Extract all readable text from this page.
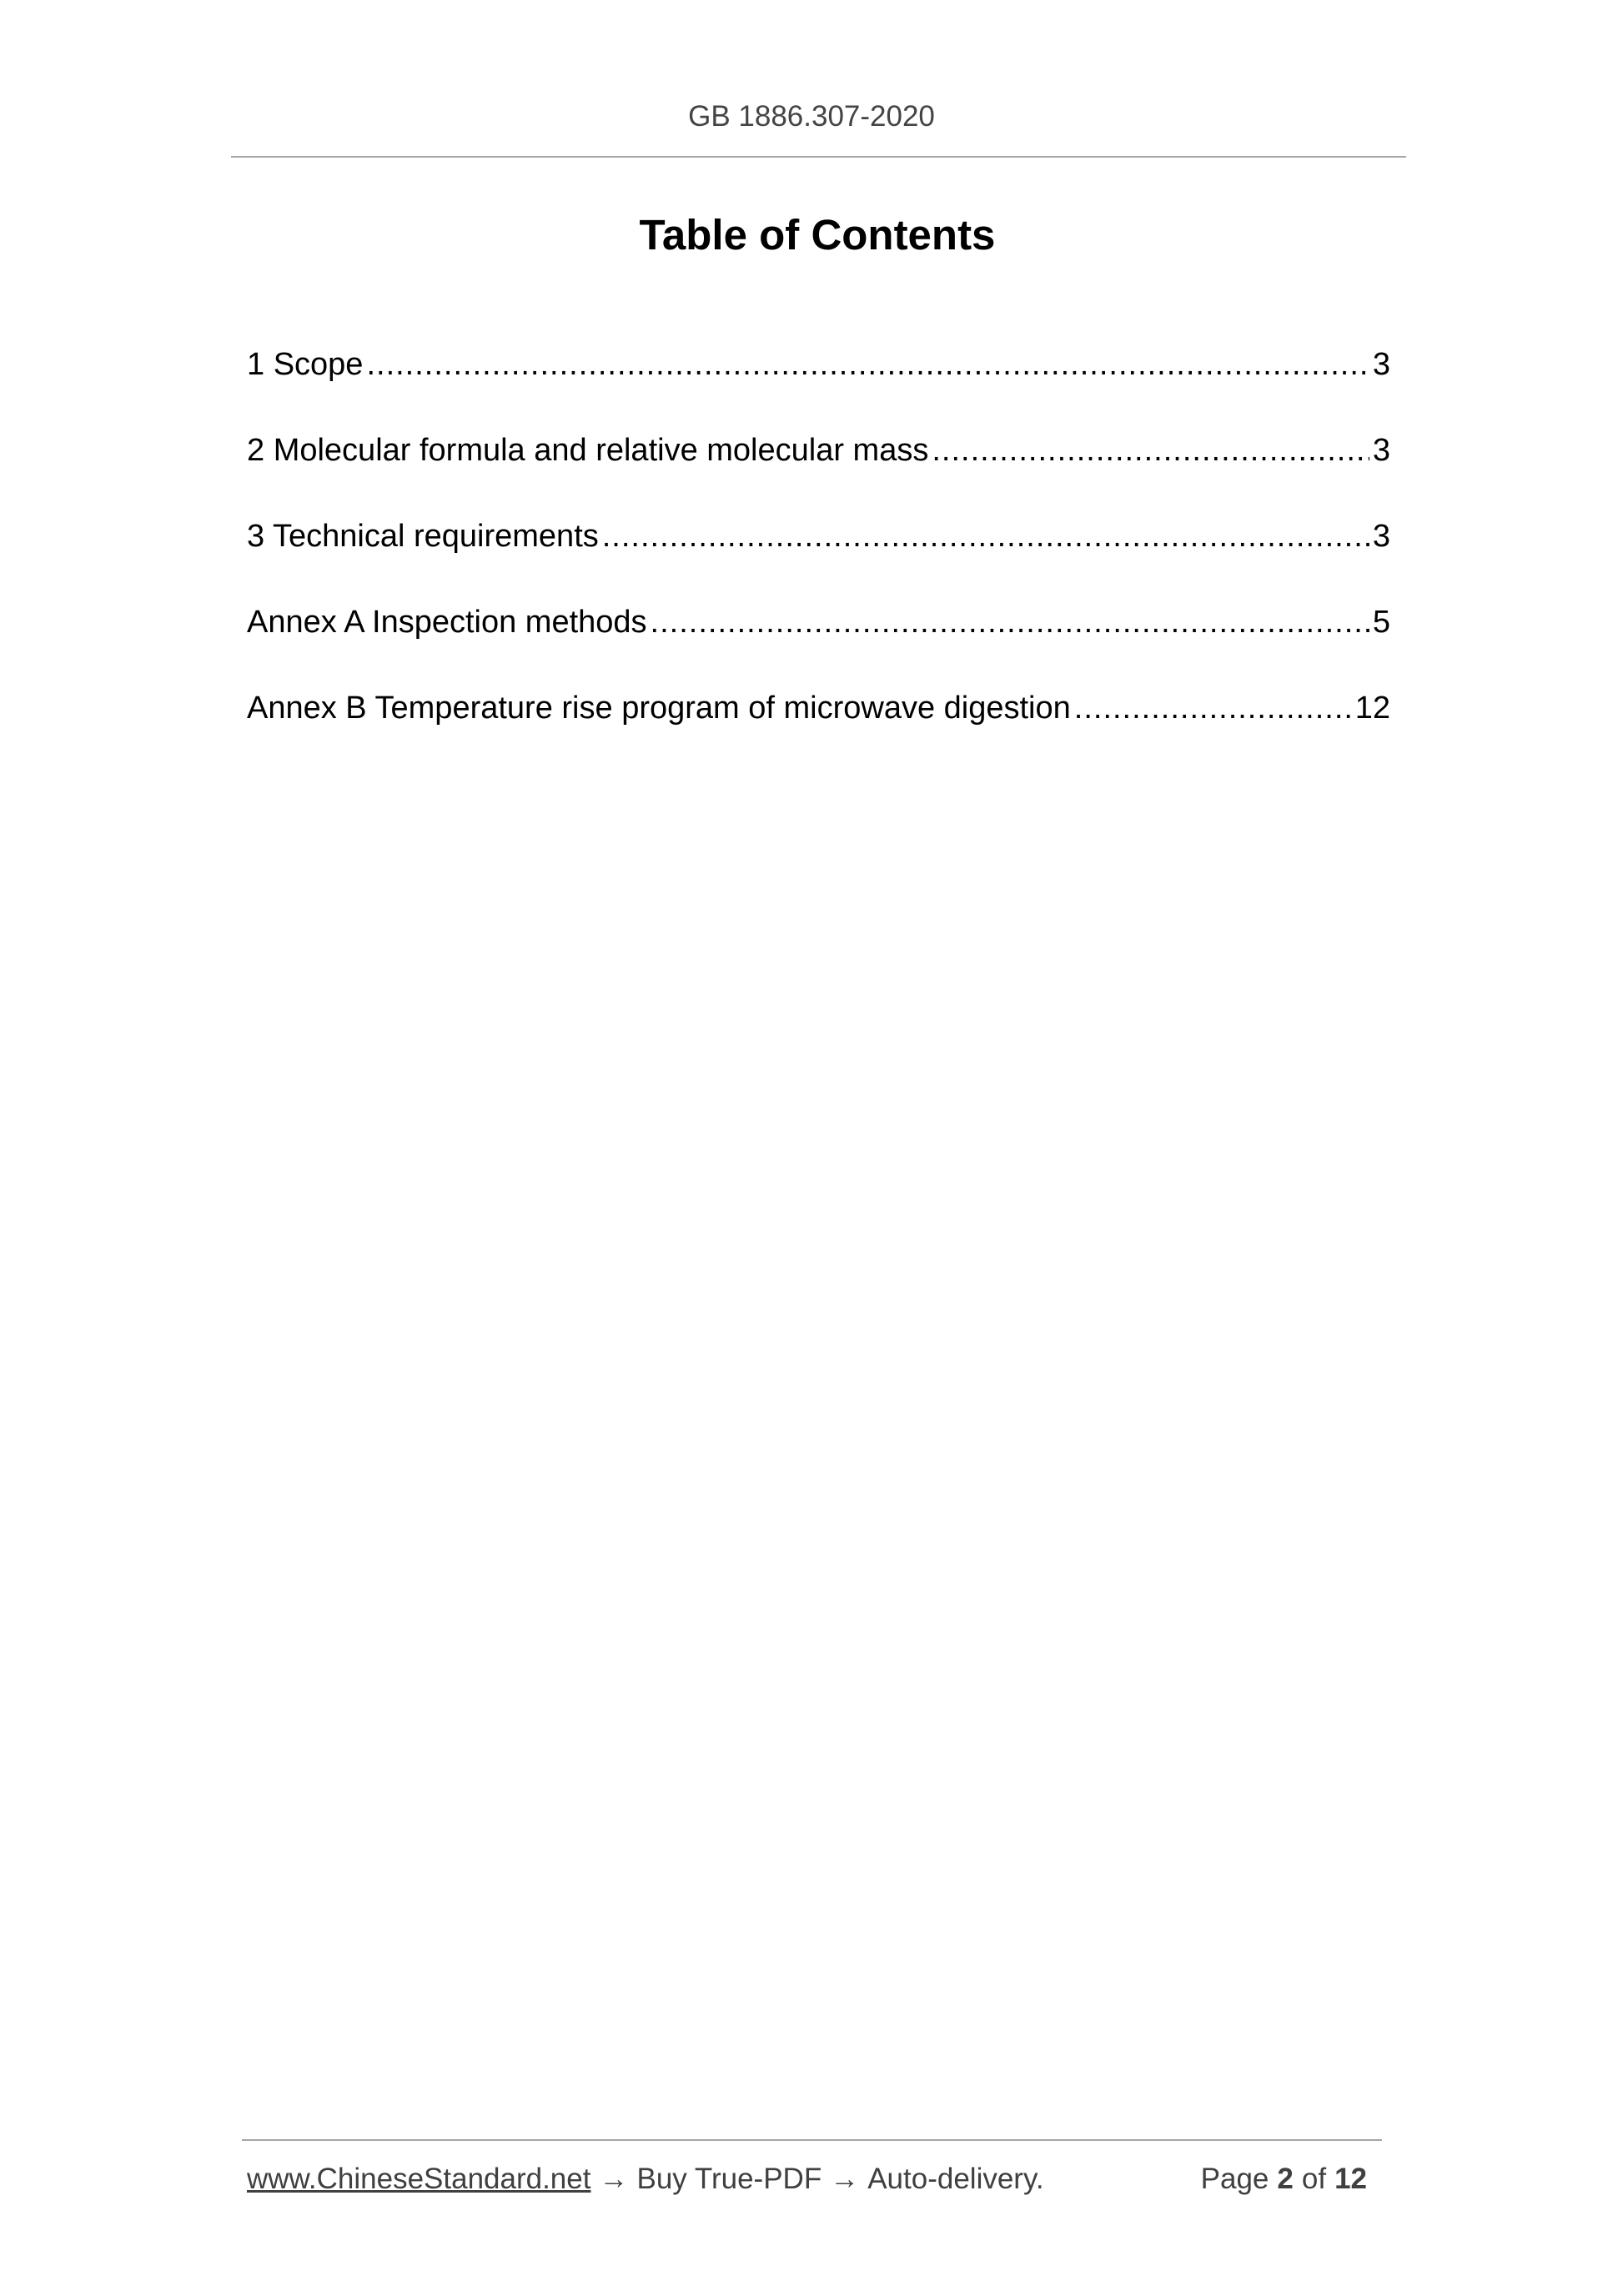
GB 1886.307-2020
Table of Contents
1 Scope .....	3
2 Molecular formula and relative molecular mass .....	3
3 Technical requirements .....	3
Annex A Inspection methods .....	5
Annex B Temperature rise program of microwave digestion .....	12
www.ChineseStandard.net → Buy True-PDF → Auto-delivery.	Page 2 of 12
